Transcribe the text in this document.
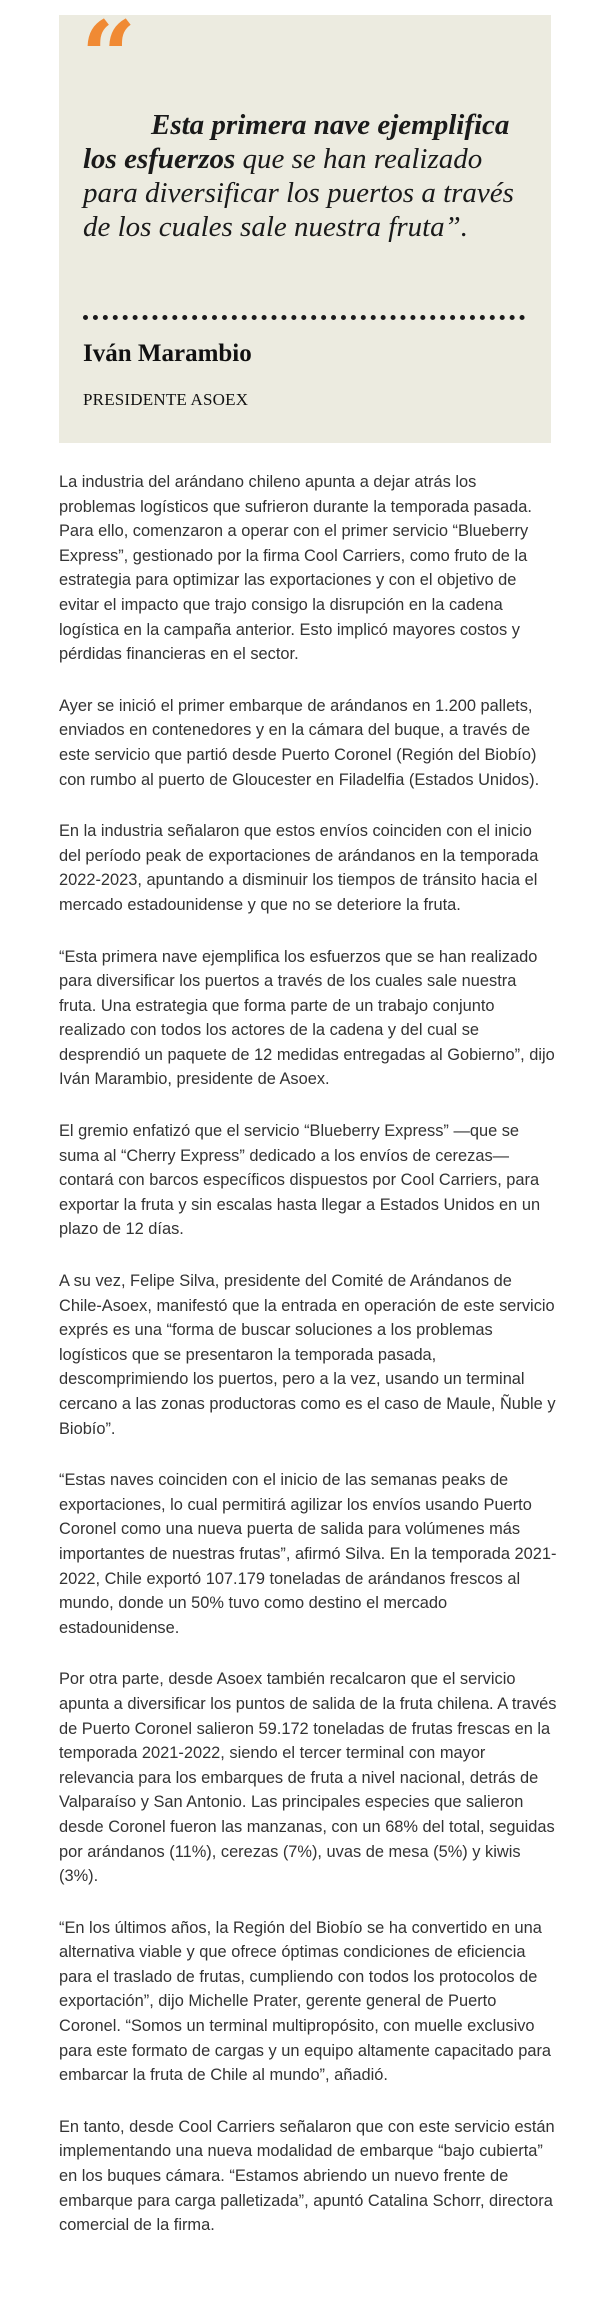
“

Esta primera nave ejemplifica los esfuerzos que se han realizado para diversificar los puertos a través de los cuales sale nuestra fruta”.

Iván Marambio

PRESIDENTE ASOEX

La industria del arándano chileno apunta a dejar atrás los problemas logísticos que sufrieron durante la temporada pasada. Para ello, comenzaron a operar con el primer servicio “Blueberry Express”, gestionado por la firma Cool Carriers, como fruto de la estrategia para optimizar las exportaciones y con el objetivo de evitar el impacto que trajo consigo la disrupción en la cadena logística en la campaña anterior. Esto implicó mayores costos y pérdidas financieras en el sector.

Ayer se inició el primer embarque de arándanos en 1.200 pallets, enviados en contenedores y en la cámara del buque, a través de este servicio que partió desde Puerto Coronel (Región del Biobío) con rumbo al puerto de Gloucester en Filadelfia (Estados Unidos).

En la industria señalaron que estos envíos coinciden con el inicio del período peak de exportaciones de arándanos en la temporada 2022-2023, apuntando a disminuir los tiempos de tránsito hacia el mercado estadounidense y que no se deteriore la fruta.

“Esta primera nave ejemplifica los esfuerzos que se han realizado para diversificar los puertos a través de los cuales sale nuestra fruta. Una estrategia que forma parte de un trabajo conjunto realizado con todos los actores de la cadena y del cual se desprendió un paquete de 12 medidas entregadas al Gobierno”, dijo Iván Marambio, presidente de Asoex.

El gremio enfatizó que el servicio “Blueberry Express” —que se suma al “Cherry Express” dedicado a los envíos de cerezas— contará con barcos específicos dispuestos por Cool Carriers, para exportar la fruta y sin escalas hasta llegar a Estados Unidos en un plazo de 12 días.

A su vez, Felipe Silva, presidente del Comité de Arándanos de Chile-Asoex, manifestó que la entrada en operación de este servicio exprés es una “forma de buscar soluciones a los problemas logísticos que se presentaron la temporada pasada, descomprimiendo los puertos, pero a la vez, usando un terminal cercano a las zonas productoras como es el caso de Maule, Ñuble y Biobío”.

“Estas naves coinciden con el inicio de las semanas peaks de exportaciones, lo cual permitirá agilizar los envíos usando Puerto Coronel como una nueva puerta de salida para volúmenes más importantes de nuestras frutas”, afirmó Silva. En la temporada 2021-2022, Chile exportó 107.179 toneladas de arándanos frescos al mundo, donde un 50% tuvo como destino el mercado estadounidense.

Por otra parte, desde Asoex también recalcaron que el servicio apunta a diversificar los puntos de salida de la fruta chilena. A través de Puerto Coronel salieron 59.172 toneladas de frutas frescas en la temporada 2021-2022, siendo el tercer terminal con mayor relevancia para los embarques de fruta a nivel nacional, detrás de Valparaíso y San Antonio. Las principales especies que salieron desde Coronel fueron las manzanas, con un 68% del total, seguidas por arándanos (11%), cerezas (7%), uvas de mesa (5%) y kiwis (3%).

“En los últimos años, la Región del Biobío se ha convertido en una alternativa viable y que ofrece óptimas condiciones de eficiencia para el traslado de frutas, cumpliendo con todos los protocolos de exportación”, dijo Michelle Prater, gerente general de Puerto Coronel. “Somos un terminal multipropósito, con muelle exclusivo para este formato de cargas y un equipo altamente capacitado para embarcar la fruta de Chile al mundo”, añadió.

En tanto, desde Cool Carriers señalaron que con este servicio están implementando una nueva modalidad de embarque “bajo cubierta” en los buques cámara. “Estamos abriendo un nuevo frente de embarque para carga palletizada”, apuntó Catalina Schorr, directora comercial de la firma.
